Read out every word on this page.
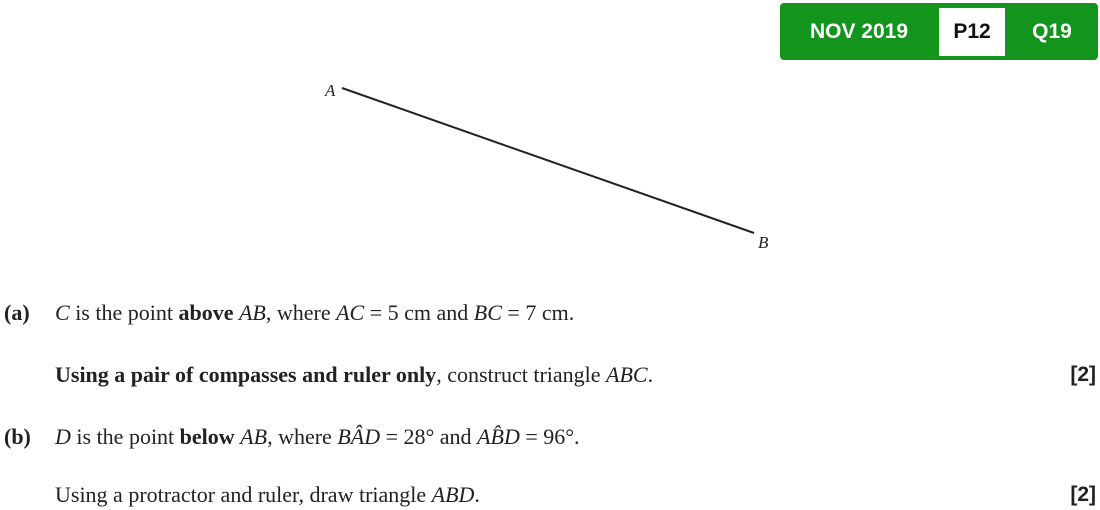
NOV 2019	P12	Q19
A
B
(a) C is the point above AB, where AC = 5 cm and BC = 7 cm.
Using a pair of compasses and ruler only, construct triangle ABC.	[2]
(b) D is the point below AB, where BÂD = 28° and AB̂D = 96°.
Using a protractor and ruler, draw triangle ABD.	[2]
